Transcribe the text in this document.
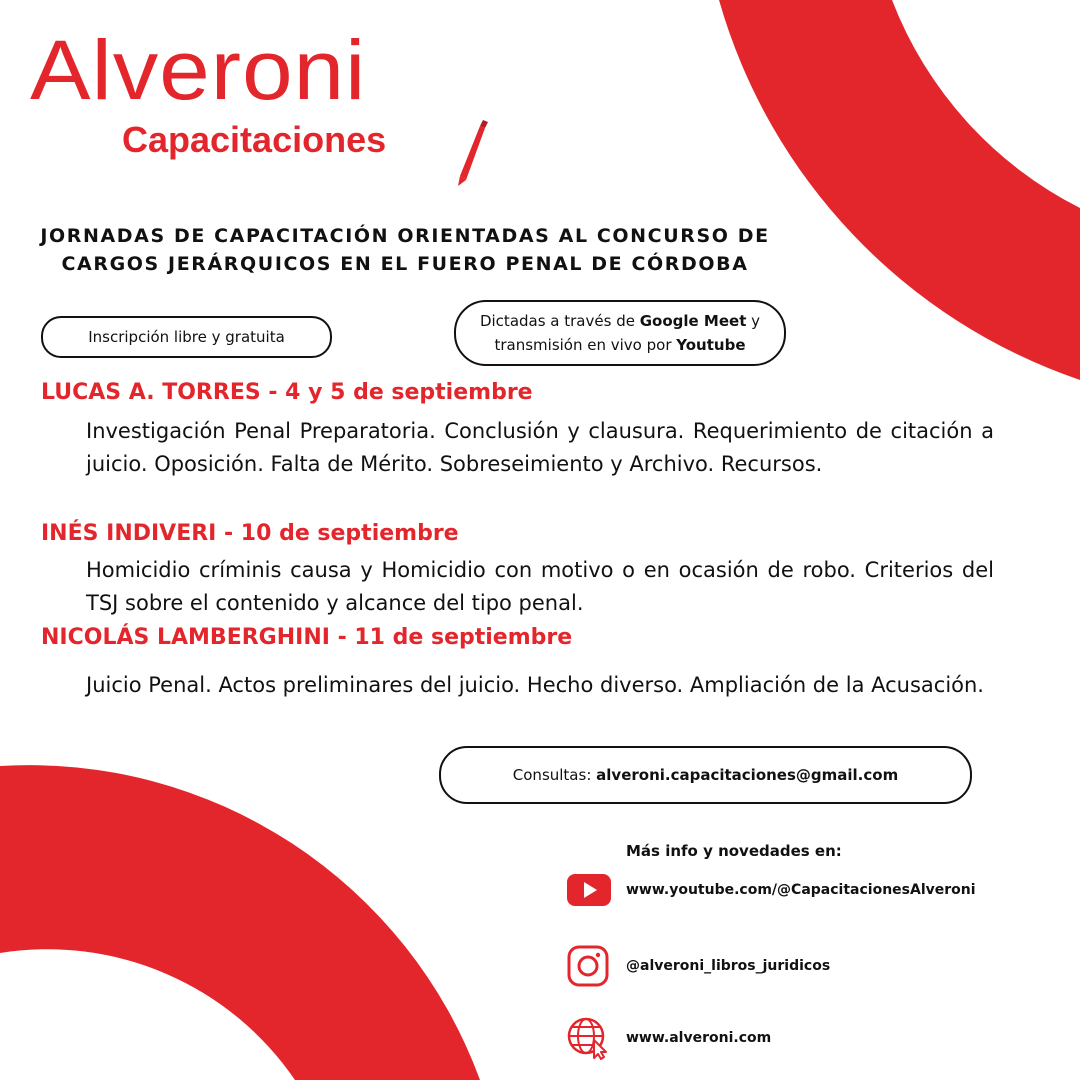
Alveroni
Capacitaciones
JORNADAS DE CAPACITACIÓN ORIENTADAS AL CONCURSO DE
CARGOS JERÁRQUICOS EN EL FUERO PENAL DE CÓRDOBA
Inscripción libre y gratuita
Dictadas a través de Google Meet y
transmisión en vivo por Youtube
LUCAS A. TORRES - 4 y 5 de septiembre
Investigación Penal Preparatoria. Conclusión y clausura. Requerimiento de citación a juicio. Oposición. Falta de Mérito. Sobreseimiento y Archivo. Recursos.
INÉS INDIVERI - 10 de septiembre
Homicidio críminis causa y Homicidio con motivo o en ocasión de robo. Criterios del TSJ sobre el contenido y alcance del tipo penal.
NICOLÁS LAMBERGHINI - 11 de septiembre
Juicio Penal. Actos preliminares del juicio. Hecho diverso. Ampliación de la Acusación.
Consultas:
alveroni.capacitaciones@gmail.com
Más info y novedades en:
www.youtube.com/@CapacitacionesAlveroni
@alveroni_libros_juridicos
www.alveroni.com
